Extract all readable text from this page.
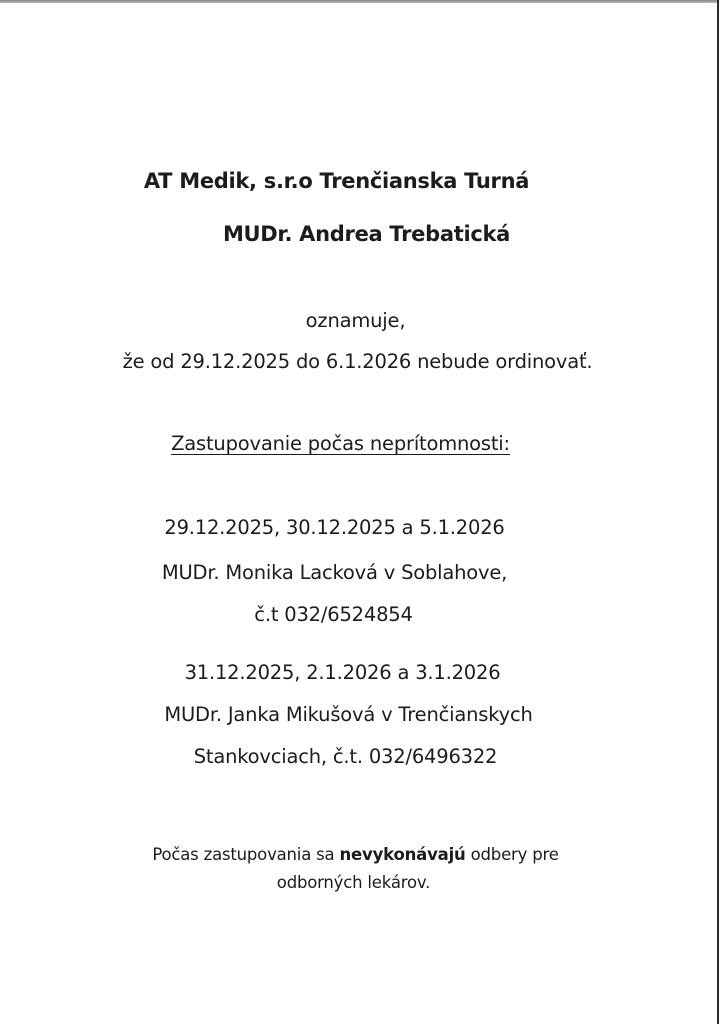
AT Medik, s.r.o Trenčianska Turná
MUDr. Andrea Trebatická
oznamuje,
že od 29.12.2025 do 6.1.2026 nebude ordinovať.
Zastupovanie počas neprítomnosti:
29.12.2025, 30.12.2025 a 5.1.2026
MUDr. Monika Lacková v Soblahove,
č.t 032/6524854
31.12.2025, 2.1.2026 a 3.1.2026
MUDr. Janka Mikušová v Trenčianskych
Stankovciach, č.t. 032/6496322
Počas zastupovania sa nevykonávajú odbery pre
odborných lekárov.
